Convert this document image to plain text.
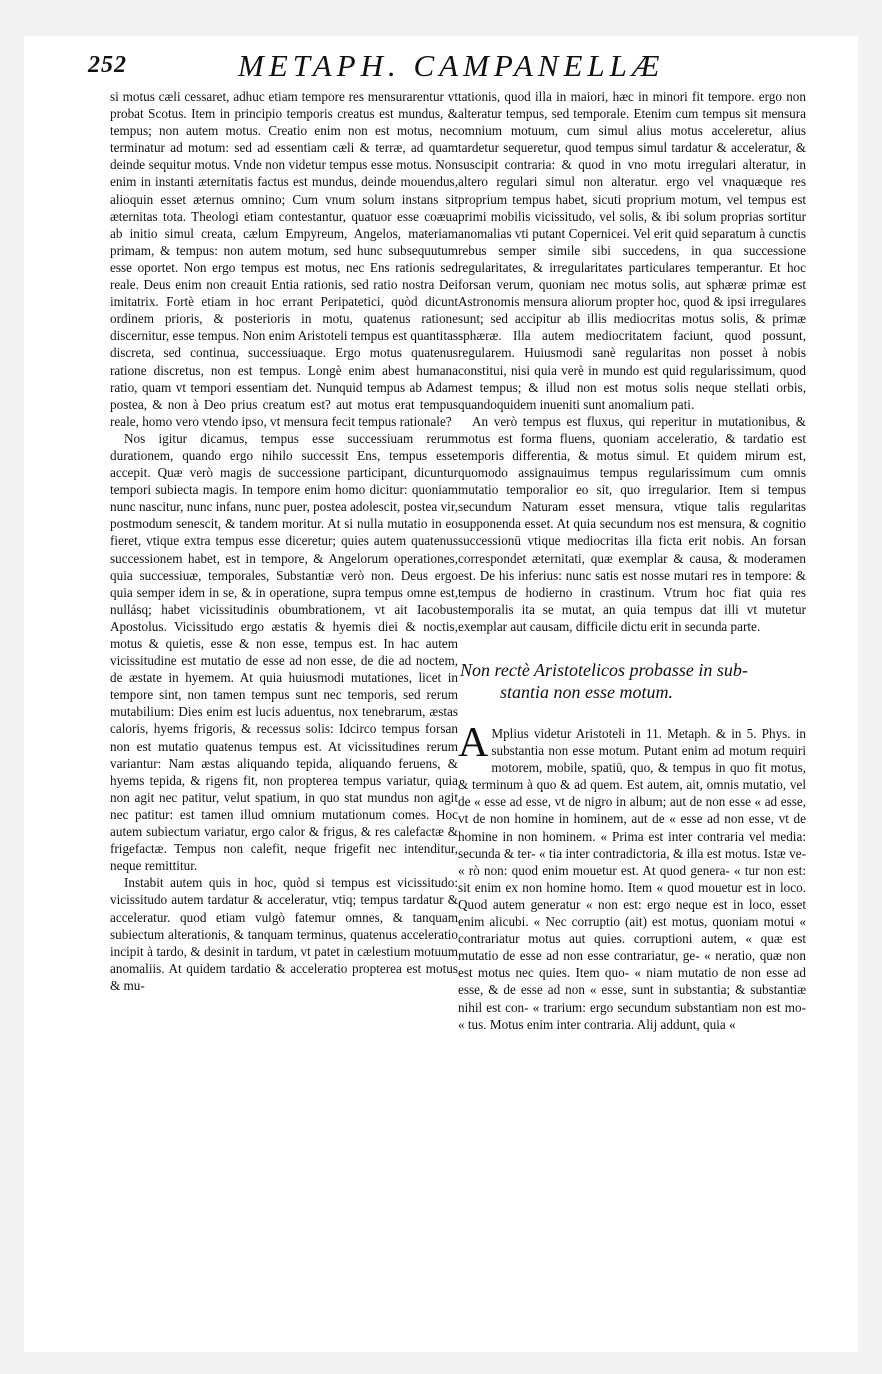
252	METAPH. CAMPANELLÆ

si motus cæli cessaret, adhuc etiam tempore res mensurarentur vt probat Scotus. Item in principio temporis creatus est mundus, & tempus; non autem motus. Creatio enim non est motus, nec terminatur ad motum: sed ad essentiam cæli & terræ, ad quam deinde sequitur motus. Vnde non videtur tempus esse motus. Non enim in instanti æternitatis factus est mundus, deinde mouendus, alioquin esset æternus omnino; Cum vnum solum instans sit æternitas tota. Theologi etiam contestantur, quatuor esse coæua ab initio simul creata, cælum Empyreum, Angelos, materiam primam, & tempus: non autem motum, sed hunc subsequutum esse oportet. Non ergo tempus est motus, nec Ens rationis sed reale. Deus enim non creauit Entia rationis, sed ratio nostra Dei imitatrix. Fortè etiam in hoc errant Peripatetici, quòd dicunt ordinem prioris, & posterioris in motu, quatenus ratione discernitur, esse tempus. Non enim Aristoteli tempus est quantitas discreta, sed continua, successiuaque. Ergo motus quatenus ratione discretus, non est tempus. Longè enim abest humana ratio, quam vt tempori essentiam det. Nunquid tempus ab Adam postea, & non à Deo prius creatum est? aut motus erat tempus reale, homo vero vtendo ipso, vt mensura fecit tempus rationale?

Nos igitur dicamus, tempus esse successiuam rerum durationem, quando ergo nihilo successit Ens, tempus esse accepit. Quæ verò magis de successione participant, dicuntur tempori subiecta magis. In tempore enim homo dicitur: quoniam nunc nascitur, nunc infans, nunc puer, postea adolescit, postea vir, postmodum senescit, & tandem moritur. At si nulla mutatio in eo fieret, vtique extra tempus esse diceretur; quies autem quatenus successionem habet, est in tempore, & Angelorum operationes, quia successiuæ, temporales, Substantiæ verò non. Deus ergo quia semper idem in se, & in operatione, supra tempus omne est, nullásq; habet vicissitudinis obumbrationem, vt ait Iacobus Apostolus. Vicissitudo ergo æstatis & hyemis diei & noctis, motus & quietis, esse & non esse, tempus est. In hac autem vicissitudine est mutatio de esse ad non esse, de die ad noctem, de æstate in hyemem. At quia huiusmodi mutationes, licet in tempore sint, non tamen tempus sunt nec temporis, sed rerum mutabilium: Dies enim est lucis aduentus, nox tenebrarum, æstas caloris, hyems frigoris, & recessus solis: Idcirco tempus forsan non est mutatio quatenus tempus est. At vicissitudines rerum variantur: Nam æstas aliquando tepida, aliquando feruens, & hyems tepida, & rigens fit, non propterea tempus variatur, quia non agit nec patitur, velut spatium, in quo stat mundus non agit nec patitur: est tamen illud omnium mutationum comes. Hoc autem subiectum variatur, ergo calor & frigus, & res calefactæ & frigefactæ. Tempus non calefit, neque frigefit nec intenditur, neque remittitur.

Instabit autem quis in hoc, quòd si tempus est vicissitudo: vicissitudo autem tardatur & acceleratur, vtiq; tempus tardatur & acceleratur. quod etiam vulgò fatemur omnes, & tanquam subiectum alterationis, & tanquam terminus, quatenus acceleratio incipit à tardo, & desinit in tardum, vt patet in cælestium motuum anomaliis. At quidem tardatio & acceleratio propterea est motus & mu-

tationis, quod illa in maiori, hæc in minori fit tempore. ergo non alteratur tempus, sed temporale. Etenim cum tempus sit mensura omnium motuum, cum simul alius motus acceleretur, alius tardetur sequeretur, quod tempus simul tardatur & acceleratur, & suscipit contraria: & quod in vno motu irregulari alteratur, in altero regulari simul non alteratur. ergo vel vnaquæque res proprium tempus habet, sicuti proprium motum, vel tempus est primi mobilis vicissitudo, vel solis, & ibi solum proprias sortitur anomalias vti putant Copernicei. Vel erit quid separatum à cunctis rebus semper simile sibi succedens, in qua successione regularitates, & irregularitates particulares temperantur. Et hoc forsan verum, quoniam nec motus solis, aut sphæræ primæ est Astronomis mensura aliorum propter hoc, quod & ipsi irregulares sunt; sed accipitur ab illis mediocritas motus solis, & primæ sphæræ. Illa autem mediocritatem faciunt, quod possunt, regularem. Huiusmodi sanè regularitas non posset à nobis constitui, nisi quia verè in mundo est quid regularissimum, quod est tempus; & illud non est motus solis neque stellati orbis, quandoquidem inueniti sunt anomalium pati.

An verò tempus est fluxus, qui reperitur in mutationibus, & motus est forma fluens, quoniam acceleratio, & tardatio est temporis differentia, & motus simul. Et quidem mirum est, quomodo assignauimus tempus regularissimum cum omnis mutatio temporalior eo sit, quo irregularior. Item si tempus secundum Naturam esset mensura, vtique talis regularitas supponenda esset. At quia secundum nos est mensura, & cognitio successionū vtique mediocritas illa ficta erit nobis. An forsan correspondet æternitati, quæ exemplar & causa, & moderamen est. De his inferius: nunc satis est nosse mutari res in tempore: & tempus de hodierno in crastinum. Vtrum hoc fiat quia res temporalis ita se mutat, an quia tempus dat illi vt mutetur exemplar aut causam, difficile dictu erit in secunda parte.

Non rectè Aristotelicos probasse in sub-
stantia non esse motum.

A Mplius videtur Aristoteli in 11. Metaph. & in 5. Phys. in substantia non esse motum. Putant enim ad motum requiri motorem, mobile, spatiū, quo, & tempus in quo fit motus, & terminum à quo & ad quem. Est autem, ait, omnis mutatio, vel de « esse ad esse, vt de nigro in album; aut de non esse « ad esse, vt de non homine in hominem, aut de « esse ad non esse, vt de homine in non hominem. « Prima est inter contraria vel media: secunda & ter- « tia inter contradictoria, & illa est motus. Istæ ve- « rò non: quod enim mouetur est. At quod genera- « tur non est: sit enim ex non homine homo. Item « quod mouetur est in loco. Quod autem generatur « non est: ergo neque est in loco, esset enim alicubi. « Nec corruptio (ait) est motus, quoniam motui « contrariatur motus aut quies. corruptioni autem, « quæ est mutatio de esse ad non esse contrariatur, ge- « neratio, quæ non est motus nec quies. Item quo- « niam mutatio de non esse ad esse, & de esse ad non « esse, sunt in substantia; & substantiæ nihil est con- « trarium: ergo secundum substantiam non est mo- « tus. Motus enim inter contraria. Alij addunt, quia «
